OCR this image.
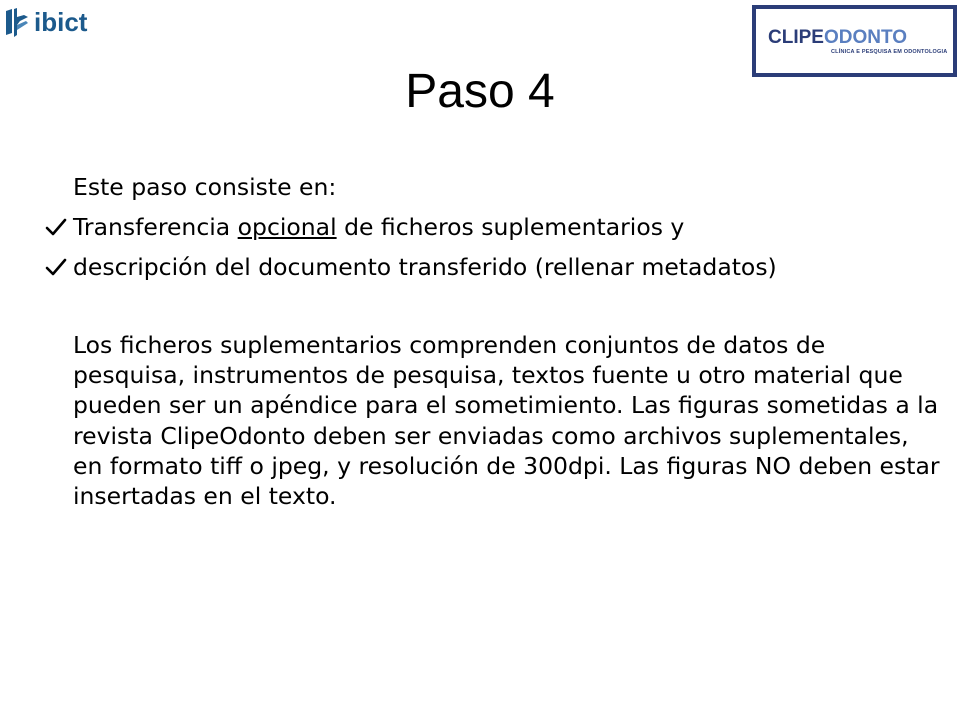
ibict
CLIPEODONTO
CLÍNICA E PESQUISA EM ODONTOLOGIA
Paso 4

Este paso consiste en:

Transferencia opcional de ficheros suplementarios y
descripción del documento transferido (rellenar metadatos)

Los ficheros suplementarios comprenden conjuntos de datos de pesquisa, instrumentos de pesquisa, textos fuente u otro material que pueden ser un apéndice para el sometimiento. Las figuras sometidas a la revista ClipeOdonto deben ser enviadas como archivos suplementales, en formato tiff o jpeg, y resolución de 300dpi. Las figuras NO deben estar insertadas en el texto.
